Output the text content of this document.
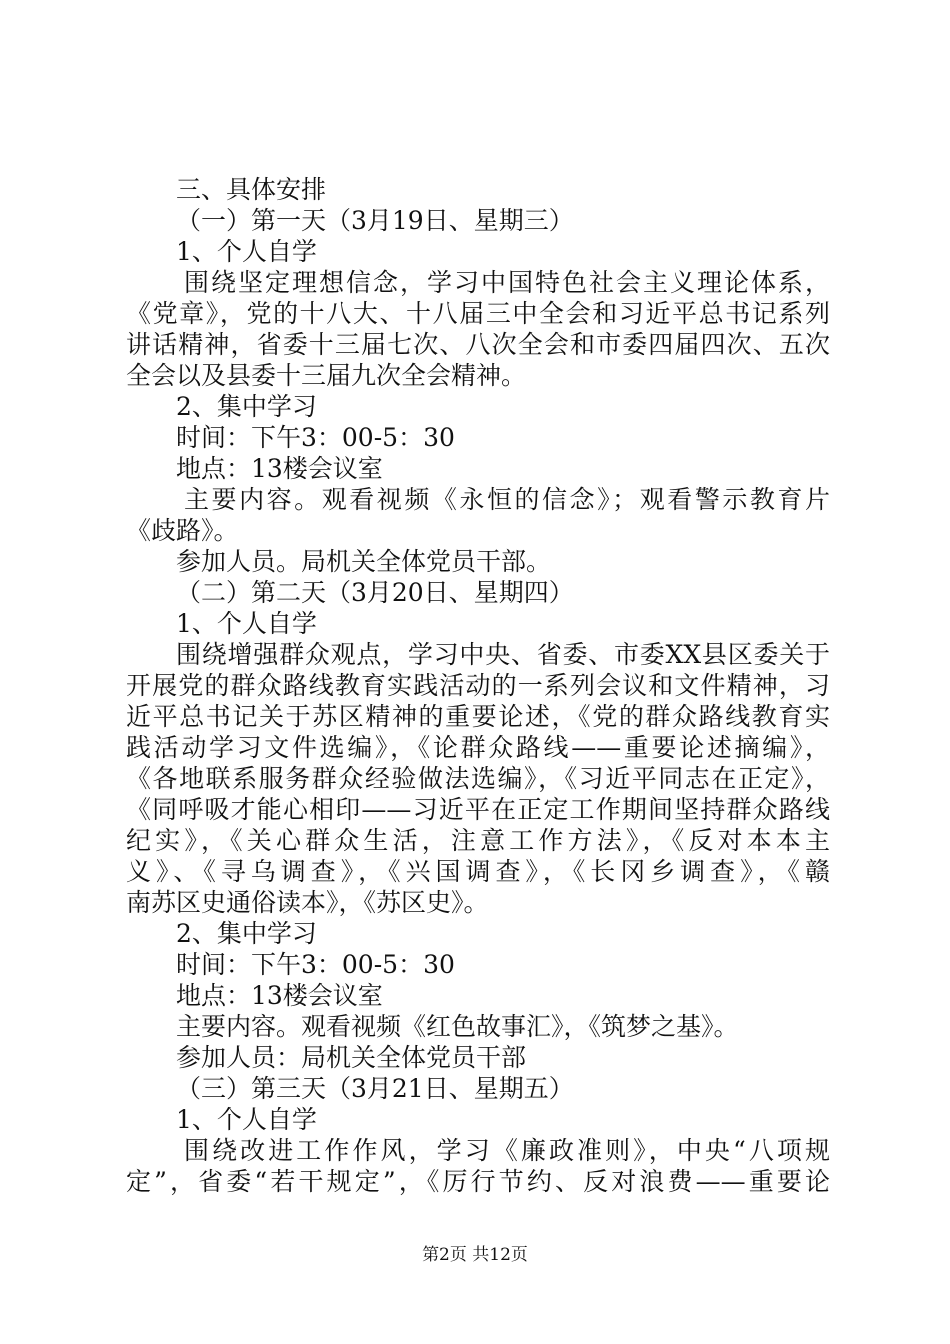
三、具体安排
（一）第一天（3月19日、星期三）
1、个人自学
围绕坚定理想信念，学习中国特色社会主义理论体系，
《党章》，党的十八大、十八届三中全会和习近平总书记系列
讲话精神，省委十三届七次、八次全会和市委四届四次、五次
全会以及县委十三届九次全会精神。
2、集中学习
时间：下午3：00-5：30
地点：13楼会议室
主要内容。观看视频《永恒的信念》；观看警示教育片
《歧路》。
参加人员。局机关全体党员干部。
（二）第二天（3月20日、星期四）
1、个人自学
围绕增强群众观点，学习中央、省委、市委XX县区委关于
开展党的群众路线教育实践活动的一系列会议和文件精神，习
近平总书记关于苏区精神的重要论述，《党的群众路线教育实
践活动学习文件选编》，《论群众路线——重要论述摘编》，
《各地联系服务群众经验做法选编》，《习近平同志在正定》，
《同呼吸才能心相印——习近平在正定工作期间坚持群众路线
纪实》，《关心群众生活，注意工作方法》，《反对本本主
义》、《寻乌调查》，《兴国调查》，《长冈乡调查》，《赣
南苏区史通俗读本》，《苏区史》。
2、集中学习
时间：下午3：00-5：30
地点：13楼会议室
主要内容。观看视频《红色故事汇》，《筑梦之基》。
参加人员：局机关全体党员干部
（三）第三天（3月21日、星期五）
1、个人自学
围绕改进工作作风，学习《廉政准则》，中央“八项规
定”，省委“若干规定”，《厉行节约、反对浪费——重要论
第2页 共12页
